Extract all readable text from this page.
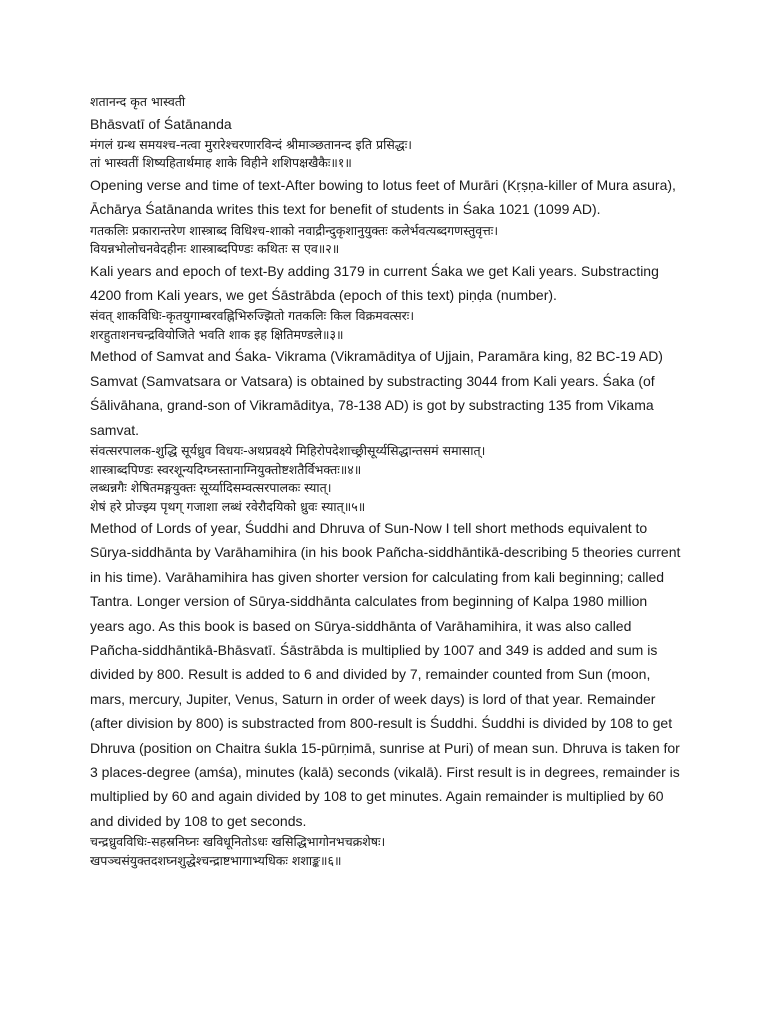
शतानन्द कृत भास्वती
Bhāsvatī of Śatānanda
मंगलं ग्रन्थ समयश्च-नत्वा मुरारेश्चरणारविन्दं श्रीमाञ्छतानन्द इति प्रसिद्धः।
तां भास्वतीं शिष्यहितार्थमाह शाके विहीने शशिपक्षखैकैः॥१॥
Opening verse and time of text-After bowing to lotus feet of Murāri (Kṛṣṇa-killer of Mura asura),
Āchārya Śatānanda writes this text for benefit of students in Śaka 1021 (1099 AD).
गतकलिः प्रकारान्तरेण शास्त्राब्द विधिश्च-शाको नवाद्रीन्दुकृशानुयुक्तः कलेर्भवत्यब्दगणस्तुवृत्तः।
वियन्नभोलोचनवेदहीनः शास्त्राब्दपिण्डः कथितः स एव॥२॥
Kali years and epoch of text-By adding 3179 in current Śaka we get Kali years. Substracting
4200 from Kali years, we get Śāstrābda (epoch of this text) piṇḍa (number).
संवत् शाकविधिः-कृतयुगाम्बरवह्निभिरुज्झितो गतकलिः किल विक्रमवत्सरः।
शरहुताशनचन्द्रवियोजिते भवति शाक इह क्षितिमण्डले॥३॥
Method of Samvat and Śaka- Vikrama (Vikramāditya of Ujjain, Paramāra king, 82 BC-19 AD)
Samvat (Samvatsara or Vatsara) is obtained by substracting 3044 from Kali years. Śaka (of
Śālivāhana, grand-son of Vikramāditya, 78-138 AD) is got by substracting 135 from Vikama
samvat.
संवत्सरपालक-शुद्धि सूर्यध्रुव विधयः-अथप्रवक्ष्ये मिहिरोपदेशाच्छ्रीसूर्य्यसिद्धान्तसमं समासात्।
शास्त्राब्दपिण्डः स्वरशून्यदिग्घ्नस्तानाग्नियुक्तोष्टशतैर्विभक्तः॥४॥
लब्धन्नगैः शेषितमङ्गयुक्तः सूर्य्यादिसम्वत्सरपालकः स्यात्।
शेषं हरे प्रोज्झ्य पृथग् गजाशा लब्धं रवेरौदयिको ध्रुवः स्यात्॥५॥
Method of Lords of year, Śuddhi and Dhruva of Sun-Now I tell short methods equivalent to
Sūrya-siddhānta by Varāhamihira (in his book Pañcha-siddhāntikā-describing 5 theories current
in his time). Varāhamihira has given shorter version for calculating from kali beginning; called
Tantra. Longer version of Sūrya-siddhānta calculates from beginning of Kalpa 1980 million
years ago. As this book is based on Sūrya-siddhānta of Varāhamihira, it was also called
Pañcha-siddhāntikā-Bhāsvatī. Śāstrābda is multiplied by 1007 and 349 is added and sum is
divided by 800. Result is added to 6 and divided by 7, remainder counted from Sun (moon,
mars, mercury, Jupiter, Venus, Saturn in order of week days) is lord of that year. Remainder
(after division by 800) is substracted from 800-result is Śuddhi. Śuddhi is divided by 108 to get
Dhruva (position on Chaitra śukla 15-pūrṇimā, sunrise at Puri) of mean sun. Dhruva is taken for
3 places-degree (amśa), minutes (kalā) seconds (vikalā). First result is in degrees, remainder is
multiplied by 60 and again divided by 108 to get minutes. Again remainder is multiplied by 60
and divided by 108 to get seconds.
चन्द्रध्रुवविधिः-सहस्रनिघ्नः खविधूनितोऽधः खसिद्धिभागोनभचक्रशेषः।
खपञ्चसंयुक्तदशघ्नशुद्धेश्चन्द्राष्टभागाभ्यधिकः शशाङ्क॥६॥
